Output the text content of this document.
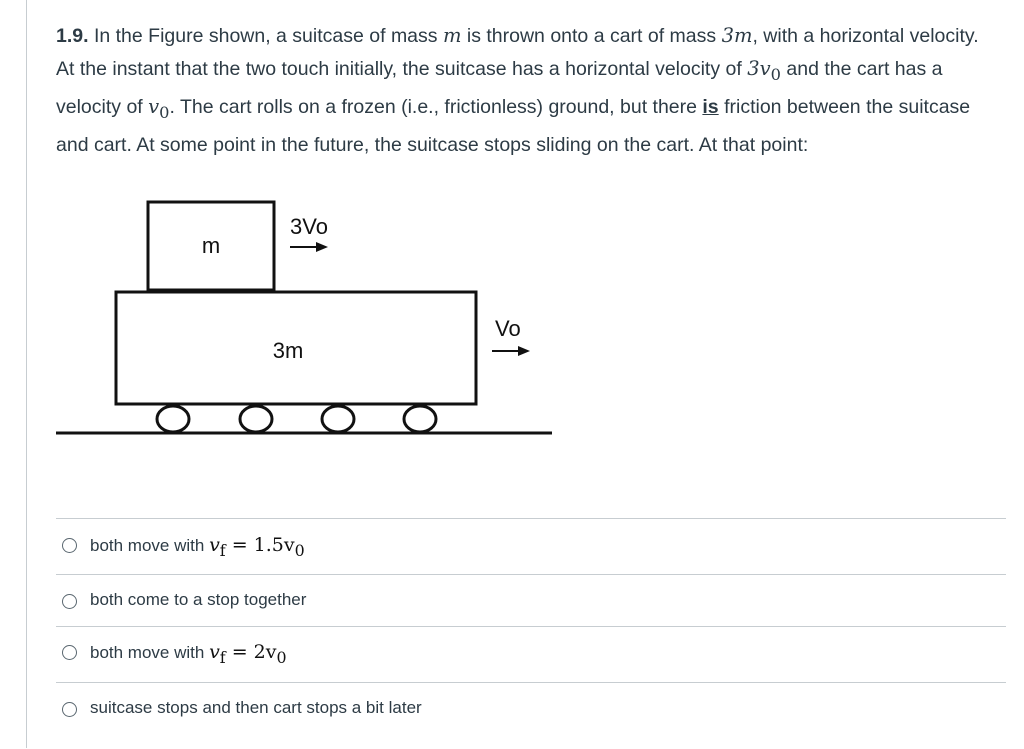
1.9. In the Figure shown, a suitcase of mass m is thrown onto a cart of mass 3m, with a horizontal velocity. At the instant that the two touch initially, the suitcase has a horizontal velocity of $3v_0$ and the cart has a velocity of $v_0$. The cart rolls on a frozen (i.e., frictionless) ground, but there is friction between the suitcase and cart. At some point in the future, the suitcase stops sliding on the cart. At that point:
m
3Vo
3m
Vo
both move with $v_f = 1.5v_0$
both come to a stop together
both move with $v_f = 2v_0$
suitcase stops and then cart stops a bit later
